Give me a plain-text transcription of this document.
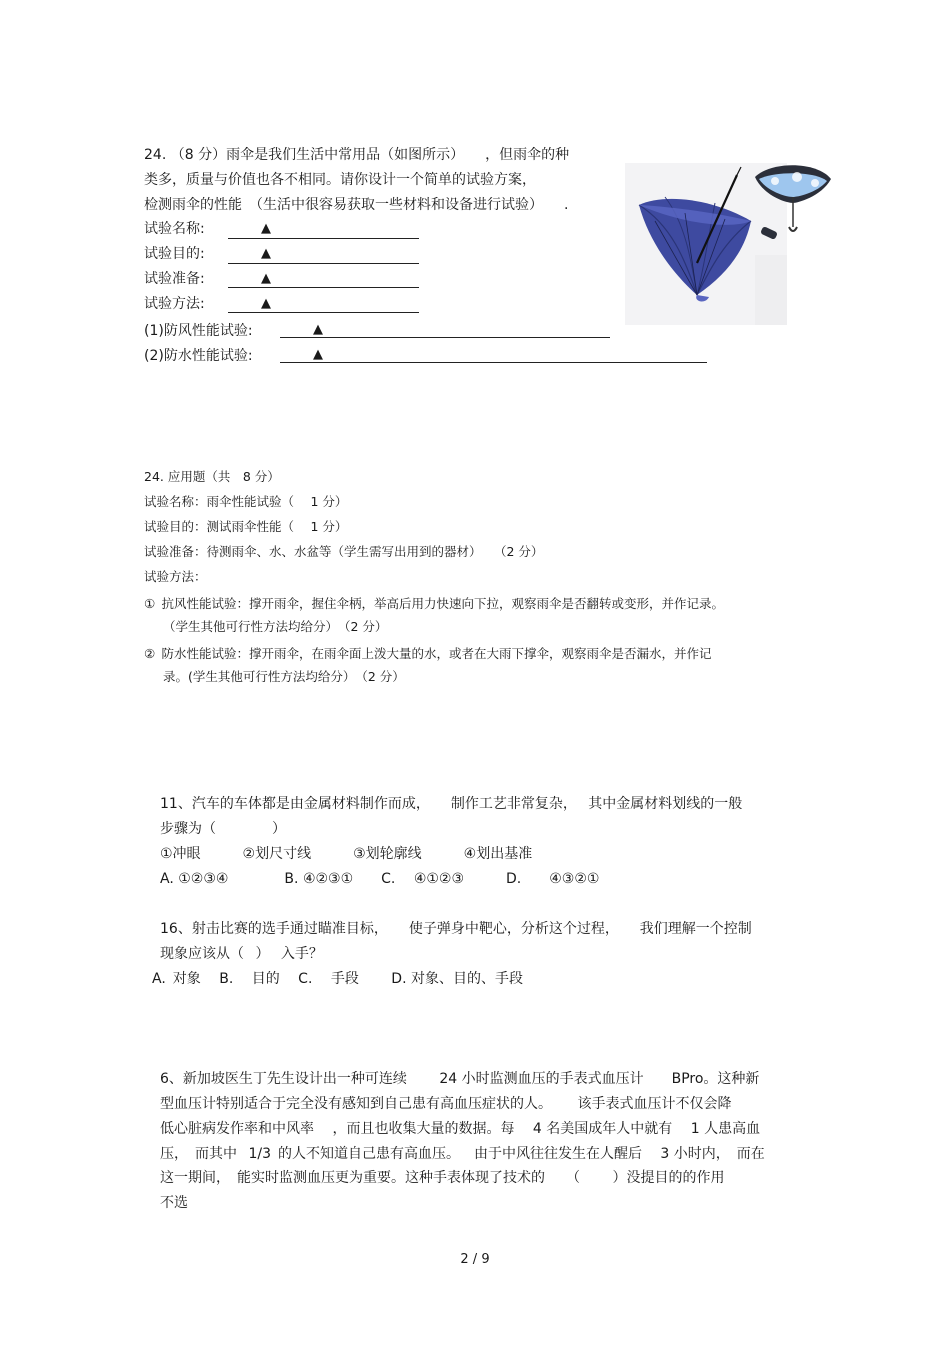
24. （8 分）雨伞是我们生活中常用品（如图所示）　　，但雨伞的种
类多，质量与价值也各不相同。请你设计一个简单的试验方案，
检测雨伞的性能　（生活中很容易获取一些材料和设备进行试验）　　.
试验名称:	▲
试验目的:	▲
试验准备:	▲
试验方法:	▲
(1)防风性能试验:	▲
(2)防水性能试验:	▲
24. 应用题（共　8 分）
试验名称：雨伞性能试验（　 1 分）
试验目的：测试雨伞性能（　 1 分）
试验准备：待测雨伞、水、水盆等（学生需写出用到的器材）　　（2 分）
试验方法：
① 抗风性能试验：撑开雨伞，握住伞柄，举高后用力快速向下拉，观察雨伞是否翻转或变形，并作记录。
（学生其他可行性方法均给分）　（2 分）
② 防水性能试验：撑开雨伞，在雨伞面上泼大量的水，或者在大雨下撑伞，观察雨伞是否漏水，并作记
录。(学生其他可行性方法均给分）　（2 分）
11、汽车的车体都是由金属材料制作而成，　　制作工艺非常复杂，　 其中金属材料划线的一般
步骤为（　　　　）
①冲眼　　　②划尺寸线　　　③划轮廓线　　　④划出基准
A. ①②③④　　　　B. ④②③①　　C.　 ④①②③　　　D.　　④③②①
16、射击比赛的选手通过瞄准目标，　　使子弹身中靶心，分析这个过程，　　我们理解一个控制
现象应该从（  ）　 入手？
A. 对象　 B.　 目的　 C.　 手段　　 D. 对象、目的、手段
6、新加坡医生丁先生设计出一种可连续　　 24 小时监测血压的手表式血压计　　BPro。这种新
型血压计特别适合于完全没有感知到自己患有高血压症状的人。　　 该手表式血压计不仅会降
低心脏病发作率和中风率　 ，而且也收集大量的数据。每　 4 名美国成年人中就有　 1 人患高血
压， 而其中  1/3 的人不知道自己患有高血压。　 由于中风往往发生在人醒后　 3 小时内， 而在
这一期间， 能实时监测血压更为重要。这种手表体现了技术的　　（　　 ）没提目的的作用
不选
2 / 9
